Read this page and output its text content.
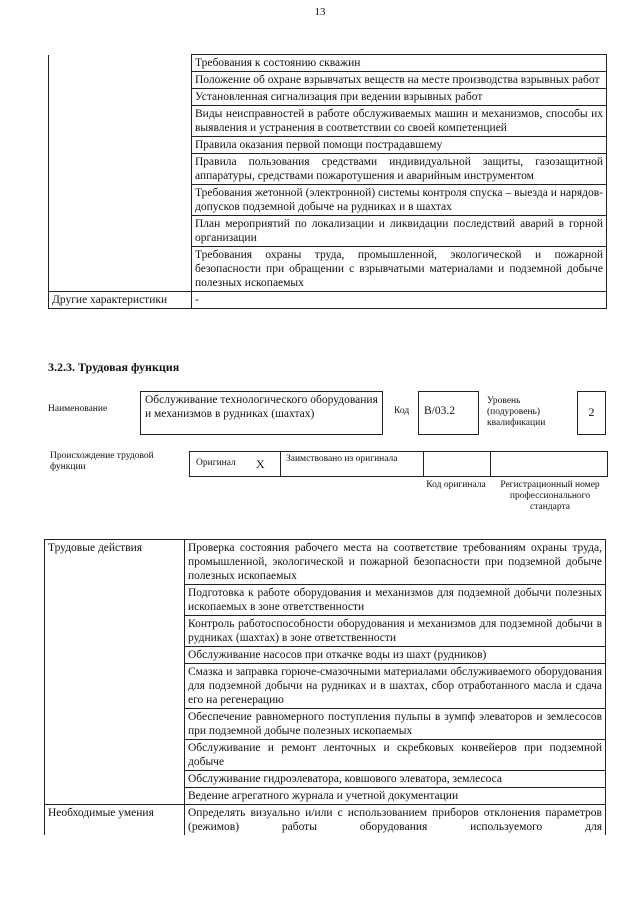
13
	Требования к состоянию скважин
	Положение об охране взрывчатых веществ на месте производства взрывных работ
	Установленная сигнализация при ведении взрывных работ
	Виды неисправностей в работе обслуживаемых машин и механизмов, способы их выявления и устранения в соответствии со своей компетенцией
	Правила оказания первой помощи пострадавшему
	Правила пользования средствами индивидуальной защиты, газозащитной аппаратуры, средствами пожаротушения и аварийным инструментом
	Требования жетонной (электронной) системы контроля спуска – выезда и нарядов-допусков подземной добыче на рудниках и в шахтах
	План мероприятий по локализации и ликвидации последствий аварий в горной организации
	Требования охраны труда, промышленной, экологической и пожарной безопасности при обращении с взрывчатыми материалами и подземной добыче полезных ископаемых
Другие характеристики	-
3.2.3. Трудовая функция
Наименование
Обслуживание технологического оборудования и механизмов в рудниках (шахтах)	Код	В/03.2
Уровень (подуровень) квалификации
2
Происхождение трудовой функции	Оригинал X Заимствовано из оригинала
Код оригинала	Регистрационный номер профессионального стандарта
Трудовые действия	Проверка состояния рабочего места на соответствие требованиям охраны труда, промышленной, экологической и пожарной безопасности при подземной добыче полезных ископаемых
	Подготовка к работе оборудования и механизмов для подземной добычи полезных ископаемых в зоне ответственности
	Контроль работоспособности оборудования и механизмов для подземной добычи в рудниках (шахтах) в зоне ответственности
	Обслуживание насосов при откачке воды из шахт (рудников)
	Смазка и заправка горюче-смазочными материалами обслуживаемого оборудования для подземной добычи на рудниках и в шахтах, сбор отработанного масла и сдача его на регенерацию
	Обеспечение равномерного поступления пульпы в зумпф элеваторов и землесосов при подземной добыче полезных ископаемых
	Обслуживание и ремонт ленточных и скребковых конвейеров при подземной добыче
	Обслуживание гидроэлеватора, ковшового элеватора, землесоса
	Ведение агрегатного журнала и учетной документации
Необходимые умения	Определять визуально и/или с использованием приборов отклонения параметров (режимов) работы оборудования используемого для
